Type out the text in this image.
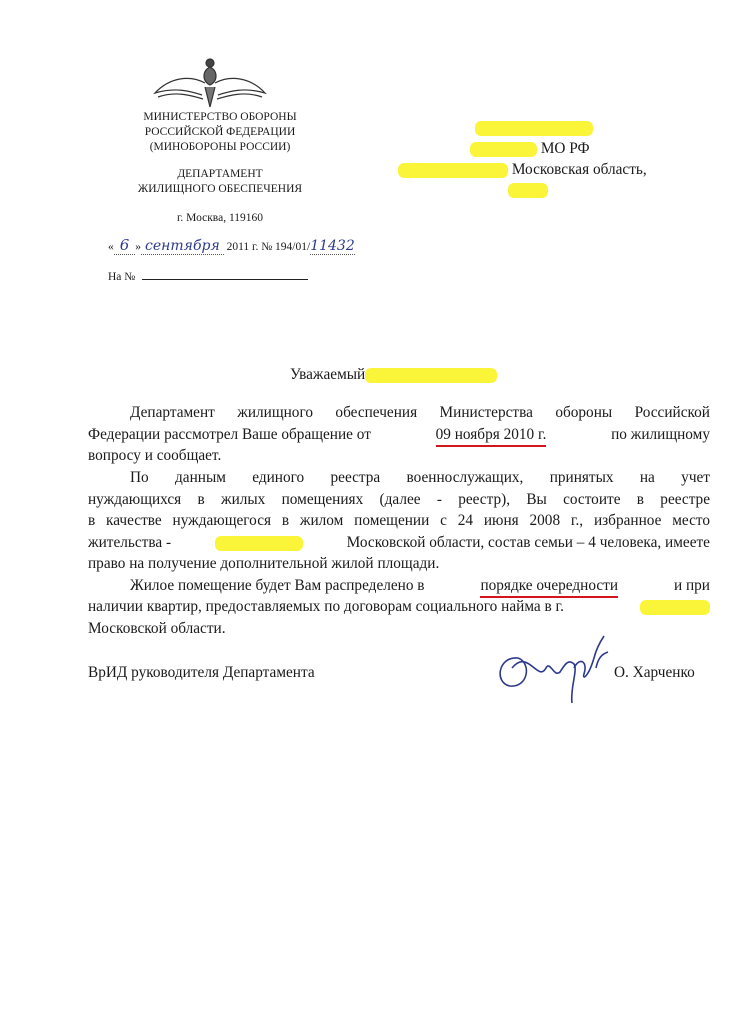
МИНИСТЕРСТВО ОБОРОНЫ
РОССИЙСКОЙ ФЕДЕРАЦИИ
(МИНОБОРОНЫ РОССИИ)
ДЕПАРТАМЕНТ
ЖИЛИЩНОГО ОБЕСПЕЧЕНИЯ
г. Москва, 119160
« 6 » сентября 2011 г. № 194/01/11432
На №
МО РФ
Московская область,
Уважаемый
Департамент жилищного обеспечения Министерства обороны Российской
Федерации рассмотрел Ваше обращение от	09 ноября 2010 г.	по жилищному
вопросу и сообщает.
По данным единого реестра военнослужащих, принятых на учет
нуждающихся в жилых помещениях (далее - реестр), Вы состоите в реестре
в качестве нуждающегося в жилом помещении с 24 июня 2008 г., избранное место
жительства -	Московской области, состав семьи – 4 человека, имеете
право на получение дополнительной жилой площади.
Жилое помещение будет Вам распределено в	порядке очередности	и при
наличии квартир, предоставляемых по договорам социального найма в г.
Московской области.
ВрИД руководителя Департамента	О. Харченко
